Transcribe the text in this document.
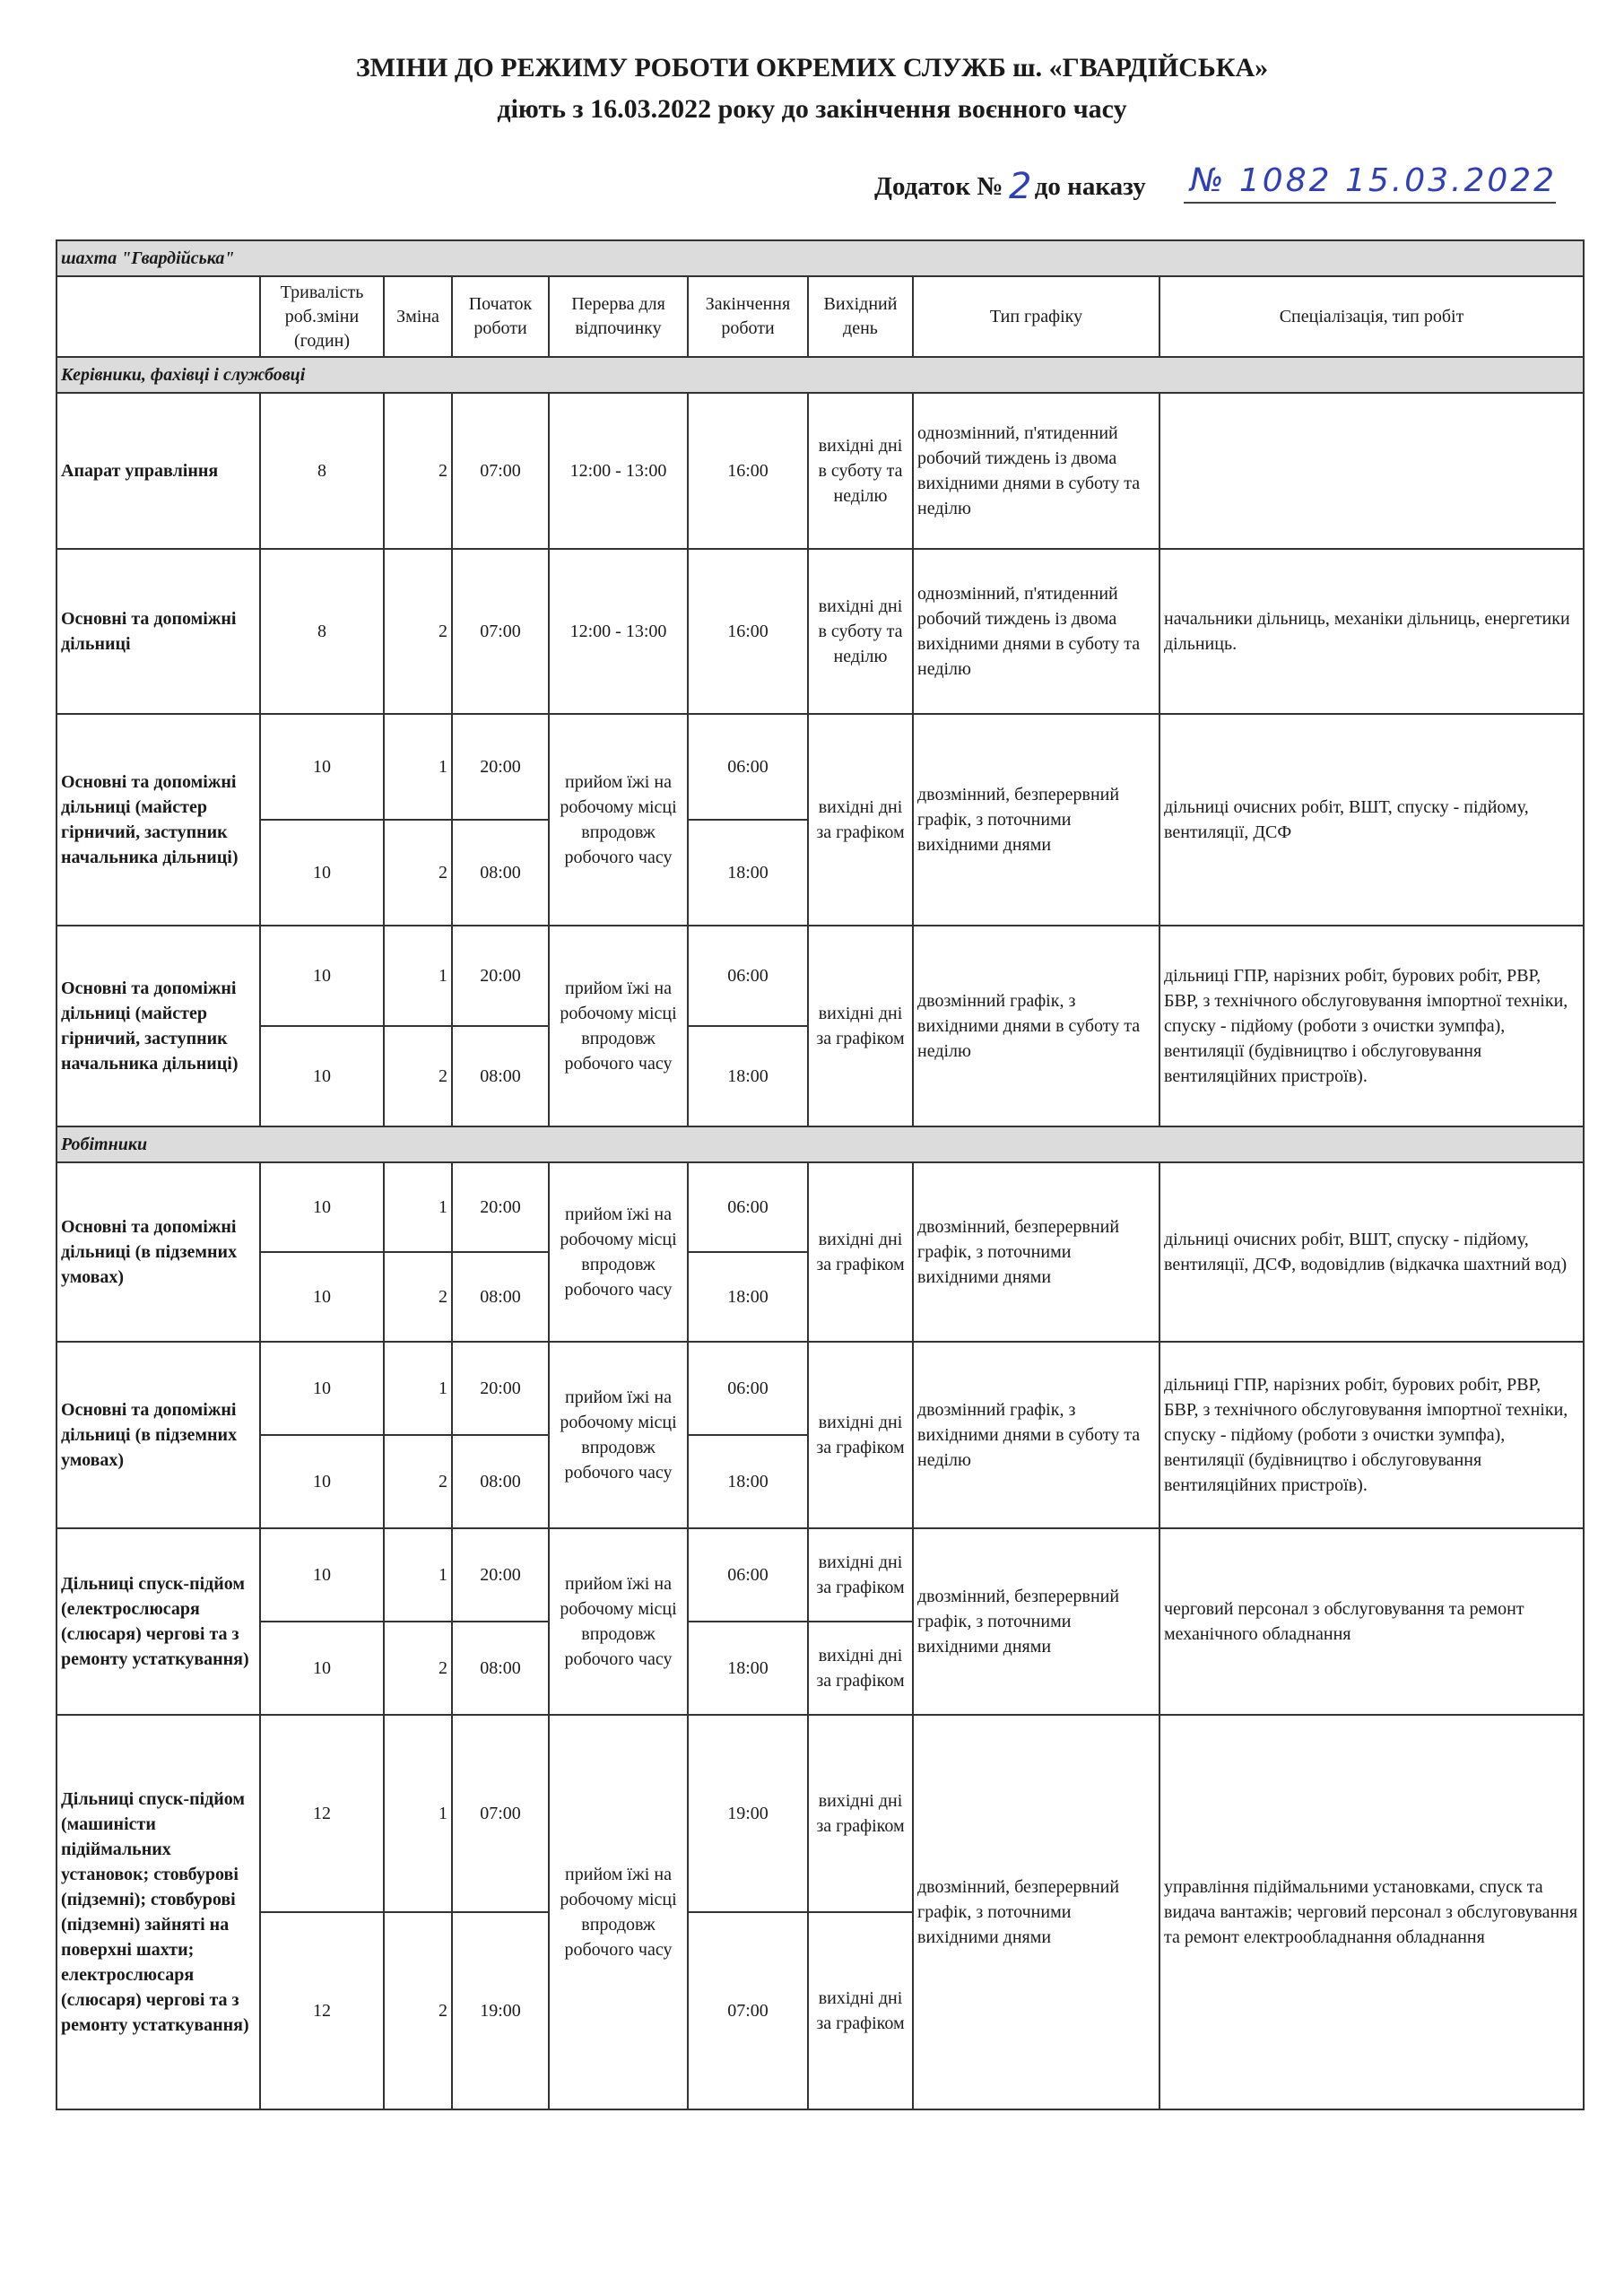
ЗМІНИ ДО РЕЖИМУ РОБОТИ ОКРЕМИХ СЛУЖБ ш. «ГВАРДІЙСЬКА»
діють з 16.03.2022 року до закінчення воєнного часу
Додаток № до наказу
2	№ 1082 15.03.2022
шахта "Гвардійська"								
	Тривалість роб.зміни (годин)	Зміна	Початок роботи	Перерва для відпочинку	Закінчення роботи	Вихідний день	Тип графіку	Спеціалізація, тип робіт
Керівники, фахівці і службовці								
Апарат управління	8	2	07:00	12:00 - 13:00	16:00	вихідні дні в суботу та неділю	однозмінний, п'ятиденний робочий тиждень із двома вихідними днями в суботу та неділю	
Основні та допоміжні дільниці	8	2	07:00	12:00 - 13:00	16:00	вихідні дні в суботу та неділю	однозмінний, п'ятиденний робочий тиждень із двома вихідними днями в суботу та неділю	начальники дільниць, механіки дільниць, енергетики дільниць.
Основні та допоміжні дільниці (майстер гірничий, заступник начальника дільниці)	10	1	20:00	прийом їжі на робочому місці впродовж робочого часу	06:00	вихідні дні за графіком	двозмінний, безперервний графік, з поточними вихідними днями	дільниці очисних робіт, ВШТ, спуску - підйому, вентиляції, ДСФ
	10	2	08:00		18:00			
Основні та допоміжні дільниці (майстер гірничий, заступник начальника дільниці)	10	1	20:00	прийом їжі на робочому місці впродовж робочого часу	06:00	вихідні дні за графіком	двозмінний графік, з вихідними днями в суботу та неділю	дільниці ГПР, нарізних робіт, бурових робіт, РВР, БВР, з технічного обслуговування імпортної техніки, спуску - підйому (роботи з очистки зумпфа), вентиляції (будівництво і обслуговування вентиляційних пристроїв).
	10	2	08:00		18:00			
Робітники								
Основні та допоміжні дільниці (в підземних умовах)	10	1	20:00	прийом їжі на робочому місці впродовж робочого часу	06:00	вихідні дні за графіком	двозмінний, безперервний графік, з поточними вихідними днями	дільниці очисних робіт, ВШТ, спуску - підйому, вентиляції, ДСФ, водовідлив (відкачка шахтний вод)
	10	2	08:00		18:00			
Основні та допоміжні дільниці (в підземних умовах)	10	1	20:00	прийом їжі на робочому місці впродовж робочого часу	06:00	вихідні дні за графіком	двозмінний графік, з вихідними днями в суботу та неділю	дільниці ГПР, нарізних робіт, бурових робіт, РВР, БВР, з технічного обслуговування імпортної техніки, спуску - підйому (роботи з очистки зумпфа), вентиляції (будівництво і обслуговування вентиляційних пристроїв).
	10	2	08:00		18:00			
Дільниці спуск-підйом (електрослюсаря (слюсаря) чергові та з ремонту устаткування)	10	1	20:00	прийом їжі на робочому місці впродовж робочого часу	06:00	вихідні дні за графіком	двозмінний, безперервний графік, з поточними вихідними днями	черговий персонал з обслуговування та ремонт механічного обладнання
	10	2	08:00		18:00	вихідні дні за графіком		
Дільниці спуск-підйом (машиністи підіймальних установок; стовбурові (підземні); стовбурові (підземні) зайняті на поверхні шахти; електрослюсаря (слюсаря) чергові та з ремонту устаткування)	12	1	07:00	прийом їжі на робочому місці впродовж робочого часу	19:00	вихідні дні за графіком	двозмінний, безперервний графік, з поточними вихідними днями	управління підіймальними установками, спуск та видача вантажів; черговий персонал з обслуговування та ремонт електрообладнання обладнання
	12	2	19:00		07:00	вихідні дні за графіком		
